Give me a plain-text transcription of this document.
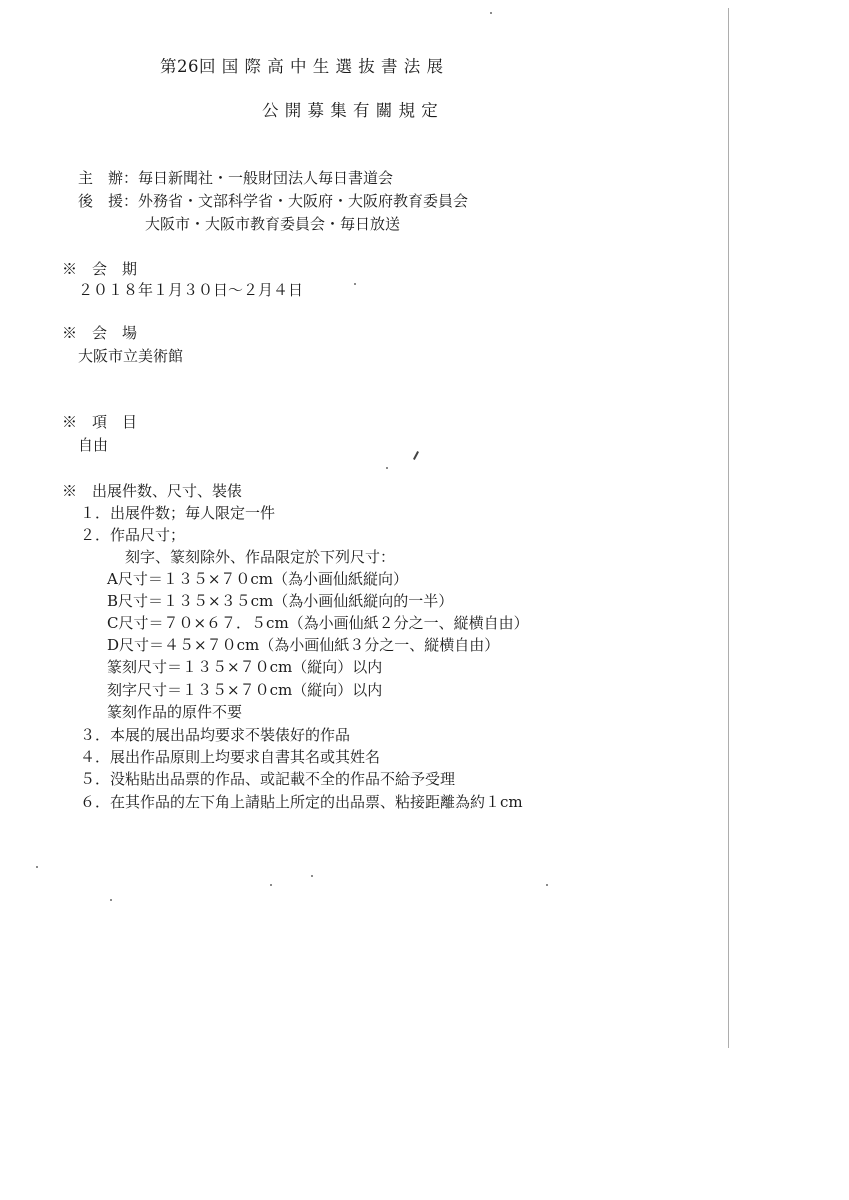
第26回 国 際 高 中 生 選 抜 書 法 展
公 開 募 集 有 關 規 定
主　辦：毎日新聞社・一般財団法人毎日書道会
後　援：外務省・文部科学省・大阪府・大阪府教育委員会
大阪市・大阪市教育委員会・毎日放送
※　会　期
２０１８年１月３０日～２月４日
※　会　場
大阪市立美術館
※　項　目
自由
※　出展件数、尺寸、裝俵
１．出展件数；毎人限定一件
２．作品尺寸；
刻字、篆刻除外、作品限定於下列尺寸：
A尺寸＝１３５×７０cm（為小画仙紙縦向）
B尺寸＝１３５×３５cm（為小画仙紙縦向的一半）
C尺寸＝７０×６７．５cm（為小画仙紙２分之一、縦横自由）
D尺寸＝４５×７０cm（為小画仙紙３分之一、縦横自由）
篆刻尺寸＝１３５×７０cm（縦向）以内
刻字尺寸＝１３５×７０cm（縦向）以内
篆刻作品的原件不要
３．本展的展出品均要求不裝俵好的作品
４．展出作品原則上均要求自書其名或其姓名
５．没粘貼出品票的作品、或記載不全的作品不給予受理
６．在其作品的左下角上請貼上所定的出品票、粘接距離為約１cm
